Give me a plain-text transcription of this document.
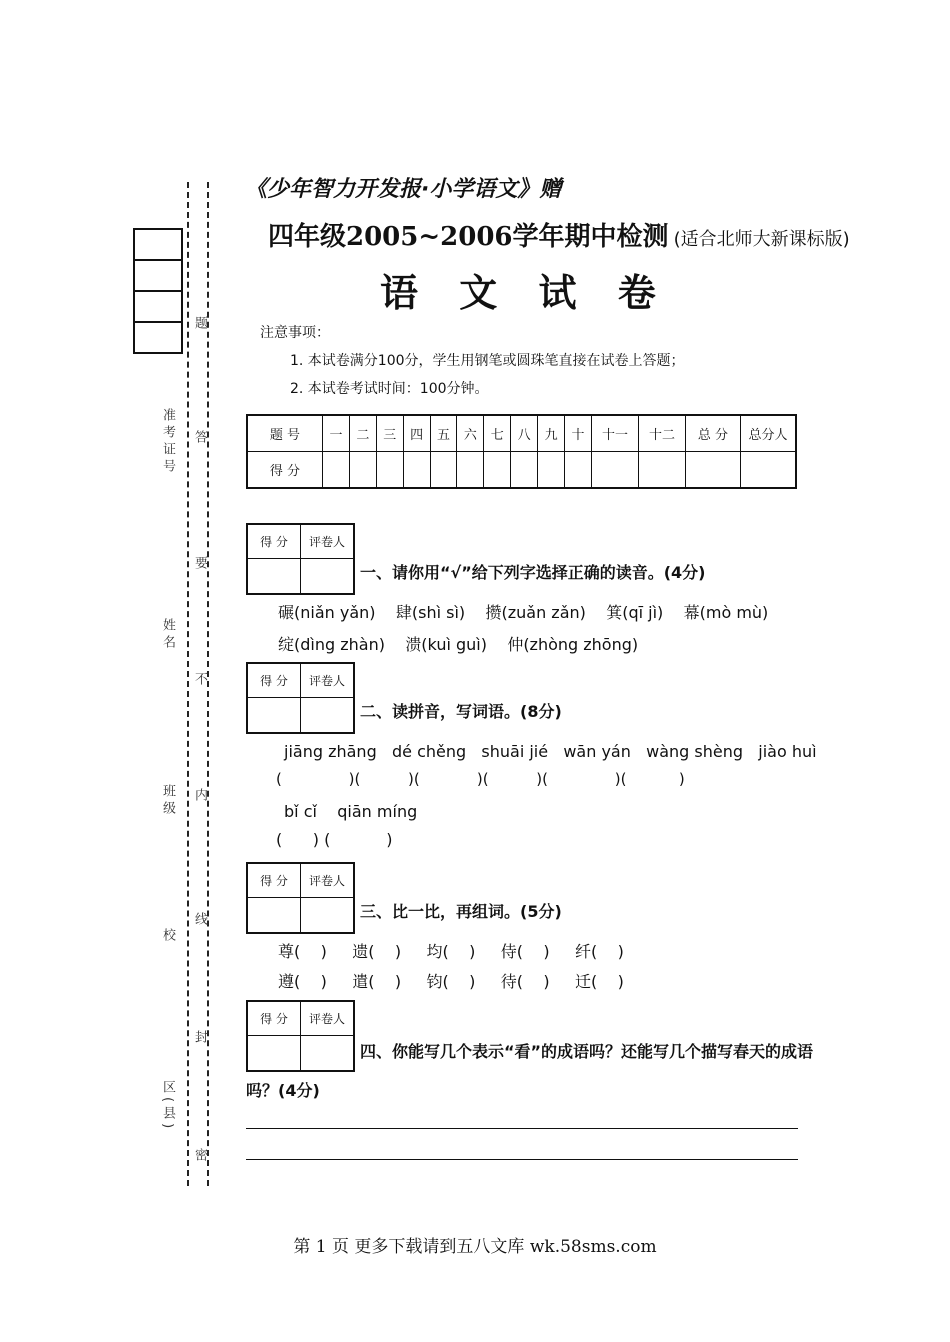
准考证号
姓名
班级
校
区(县)
题
答
要
不
内
线
封
密
《少年智力开发报·小学语文》赠
四年级2005~2006学年期中检测 (适合北师大新课标版)
语 文 试 卷
注意事项：
1. 本试卷满分100分，学生用钢笔或圆珠笔直接在试卷上答题；
2. 本试卷考试时间：100分钟。
题 号	一	二	三	四	五	六	七	八	九	十	十一	十二	总 分	总分人
得 分														
得 分	评卷人

一、请你用“√”给下列字选择正确的读音。(4分)
碾(niǎn yǎn)    肆(shì sì)    攒(zuǎn zǎn)    箕(qī jì)    幕(mò mù)
绽(dìng zhàn)    溃(kuì guì)    仲(zhòng zhōng)
得 分	评卷人

二、读拼音，写词语。(8分)
jiāng zhāng   dé chěng   shuāi jié   wān yán   wàng shèng   jiào huì
(              )(          )(            )(          )(              )(           )
bǐ cǐ    qiān míng
(      ) (           )
得 分	评卷人

三、比一比，再组词。(5分)
尊(    )     遗(    )     均(    )     侍(    )     纤(    )
遵(    )     遣(    )     钧(    )     待(    )     迁(    )
得 分	评卷人

四、你能写几个表示“看”的成语吗？还能写几个描写春天的成语
吗？(4分)
第 1 页 更多下载请到五八文库 wk.58sms.com
